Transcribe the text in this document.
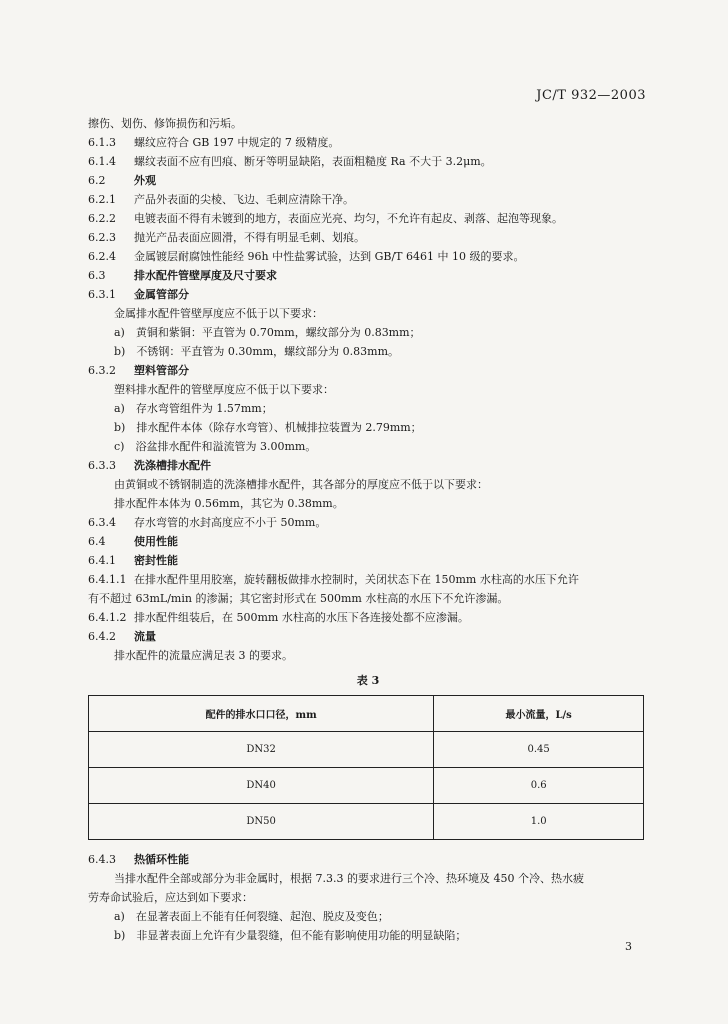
JC/T 932—2003
擦伤、划伤、修饰损伤和污垢。
6.1.3 螺纹应符合 GB 197 中规定的 7 级精度。
6.1.4 螺纹表面不应有凹痕、断牙等明显缺陷，表面粗糙度 Ra 不大于 3.2μm。
6.2	外观
6.2.1 产品外表面的尖棱、飞边、毛刺应清除干净。
6.2.2 电镀表面不得有未镀到的地方，表面应光亮、均匀，不允许有起皮、剥落、起泡等现象。
6.2.3 抛光产品表面应圆滑，不得有明显毛刺、划痕。
6.2.4 金属镀层耐腐蚀性能经 96h 中性盐雾试验，达到 GB/T 6461 中 10 级的要求。
6.3	排水配件管壁厚度及尺寸要求
6.3.1 金属管部分
金属排水配件管壁厚度应不低于以下要求：
a)　黄铜和紫铜：平直管为 0.70mm，螺纹部分为 0.83mm；
b)　不锈钢：平直管为 0.30mm，螺纹部分为 0.83mm。
6.3.2 塑料管部分
塑料排水配件的管壁厚度应不低于以下要求：
a)　存水弯管组件为 1.57mm；
b)　排水配件本体（除存水弯管）、机械排拉装置为 2.79mm；
c)　浴盆排水配件和溢流管为 3.00mm。
6.3.3 洗涤槽排水配件
由黄铜或不锈钢制造的洗涤槽排水配件，其各部分的厚度应不低于以下要求：
排水配件本体为 0.56mm，其它为 0.38mm。
6.3.4 存水弯管的水封高度应不小于 50mm。
6.4	使用性能
6.4.1 密封性能
6.4.1.1 在排水配件里用胶塞，旋转翻板做排水控制时，关闭状态下在 150mm 水柱高的水压下允许
有不超过 63mL/min 的渗漏；其它密封形式在 500mm 水柱高的水压下不允许渗漏。
6.4.1.2 排水配件组装后，在 500mm 水柱高的水压下各连接处都不应渗漏。
6.4.2 流量
排水配件的流量应满足表 3 的要求。
表 3
配件的排水口口径，mm	最小流量，L/s
DN32	0.45
DN40	0.6
DN50	1.0
6.4.3 热循环性能
当排水配件全部或部分为非金属时，根据 7.3.3 的要求进行三个冷、热环境及 450 个冷、热水疲
劳寿命试验后，应达到如下要求：
a)　在显著表面上不能有任何裂缝、起泡、脱皮及变色；
b)　非显著表面上允许有少量裂缝，但不能有影响使用功能的明显缺陷；
3
